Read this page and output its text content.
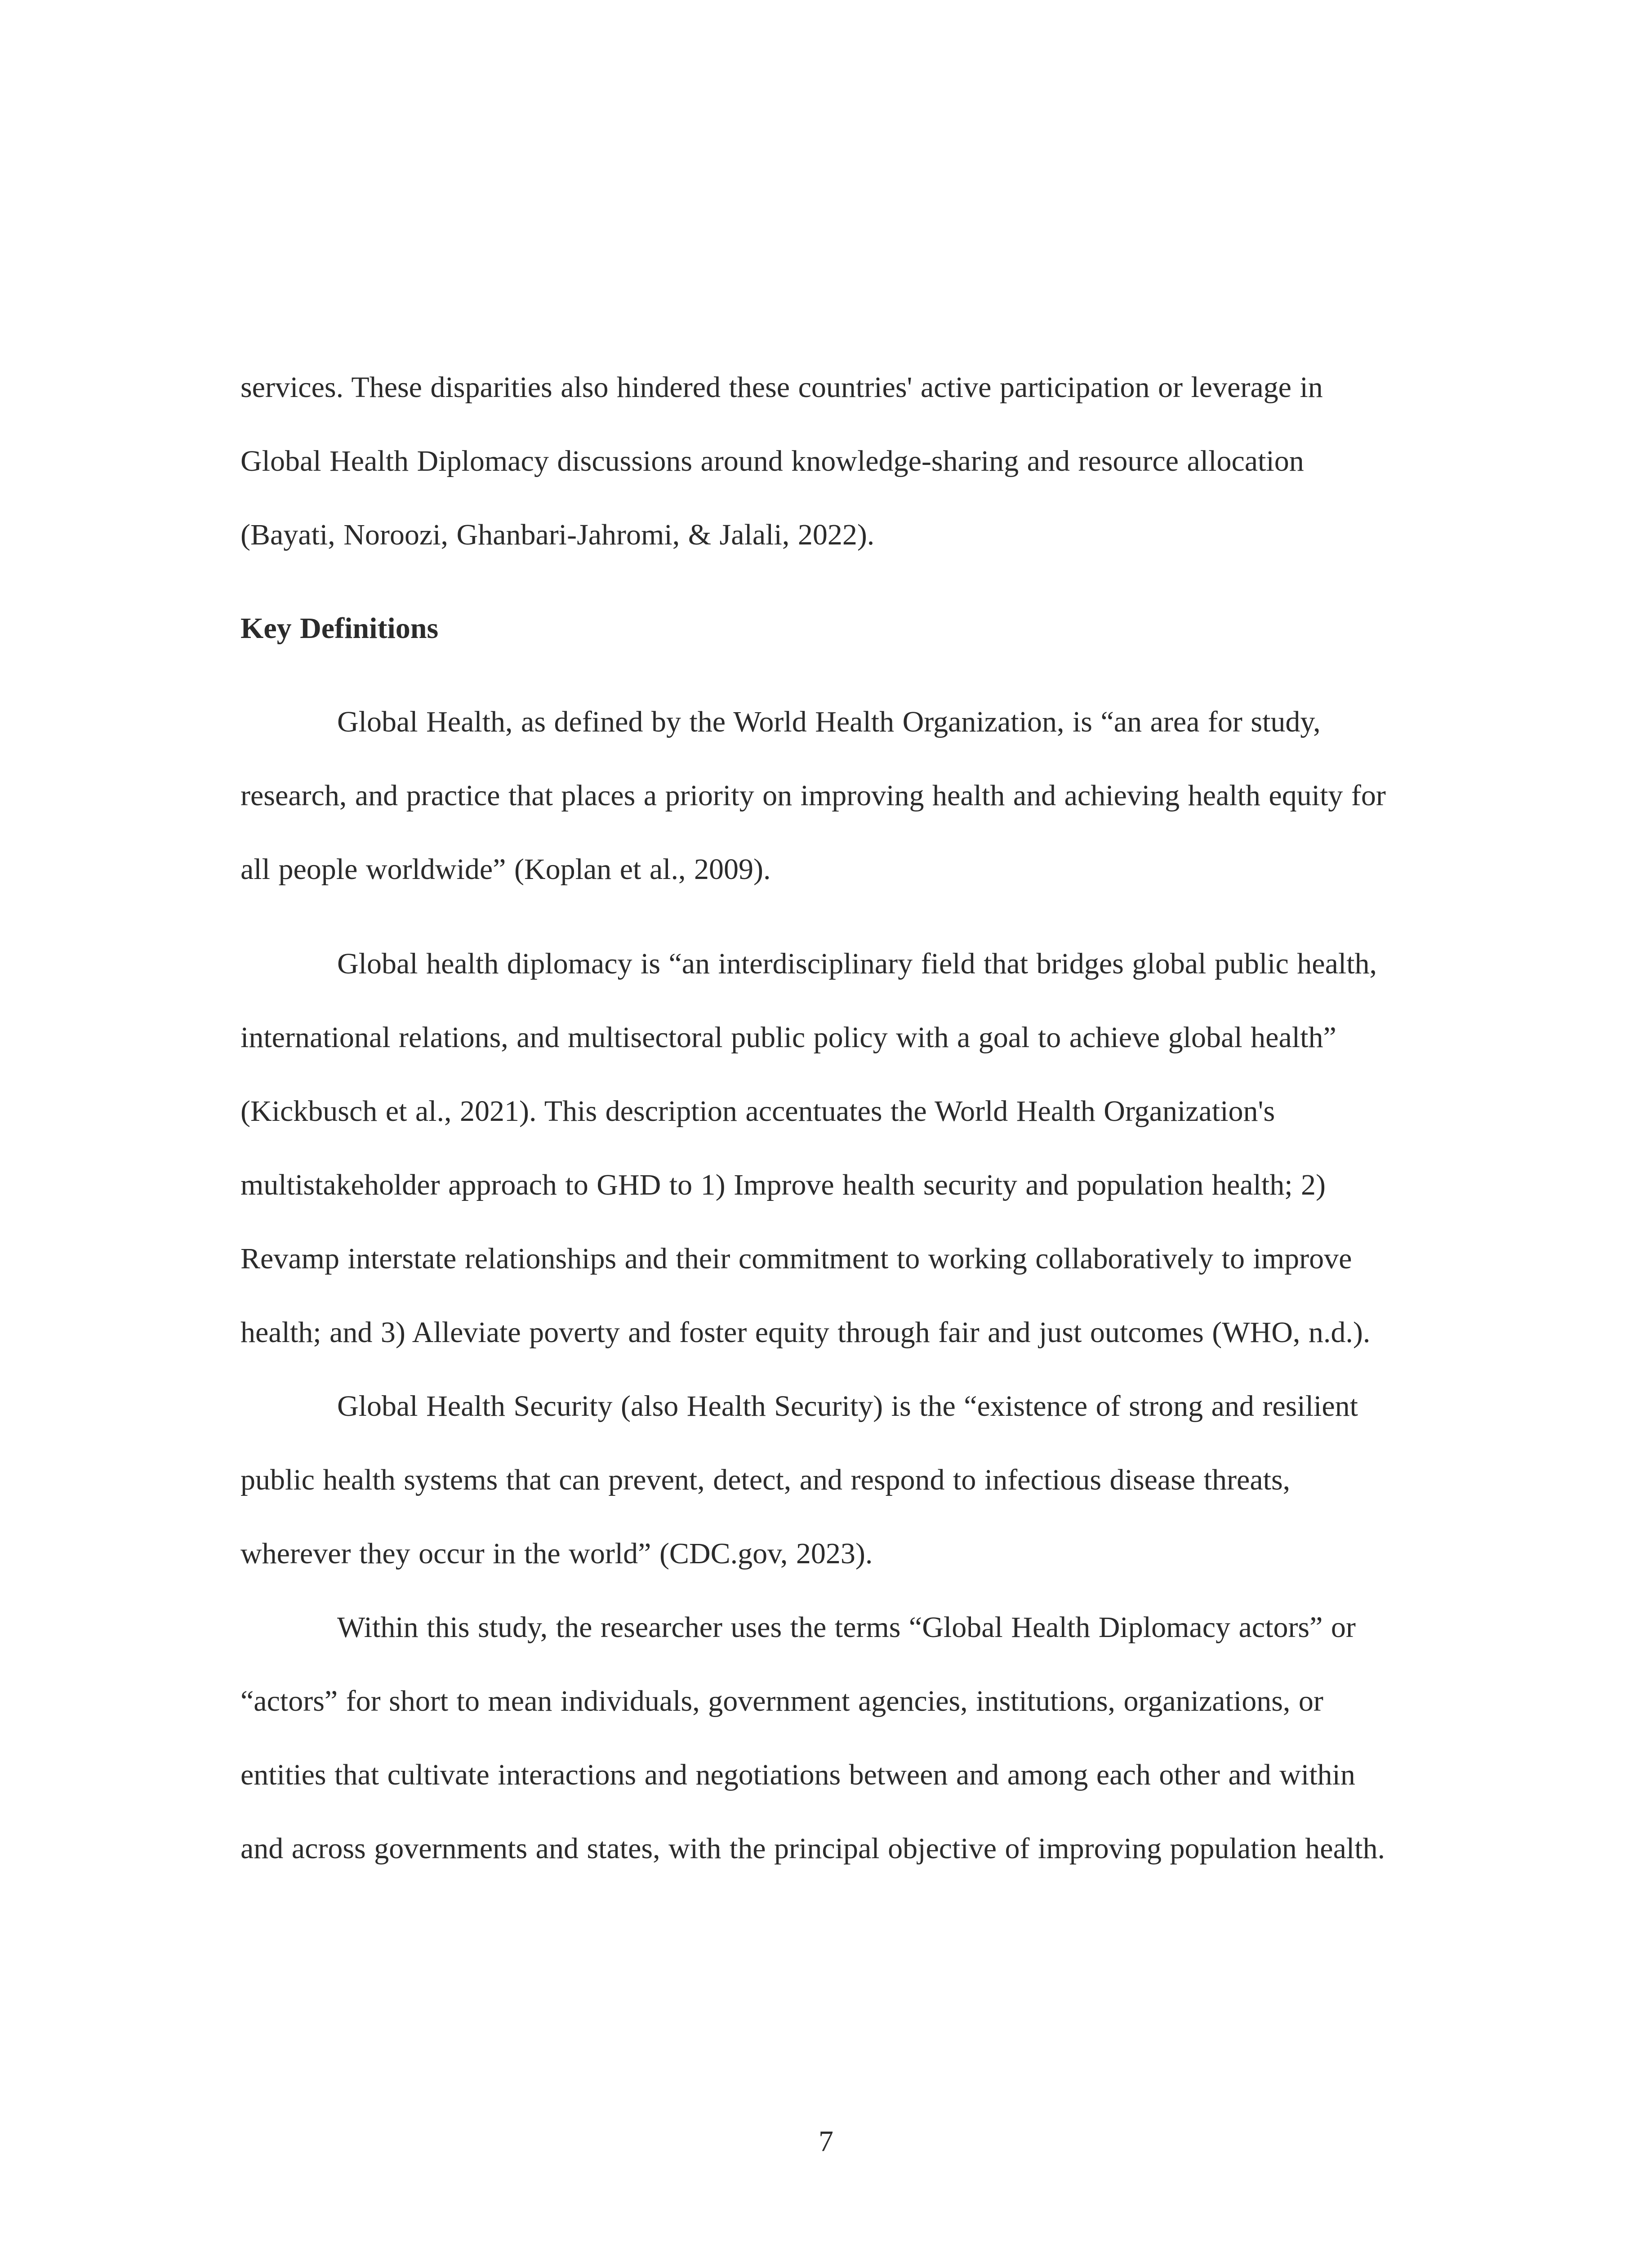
services. These disparities also hindered these countries' active participation or leverage in Global Health Diplomacy discussions around knowledge-sharing and resource allocation (Bayati, Noroozi, Ghanbari-Jahromi, & Jalali, 2022).

Key Definitions

Global Health, as defined by the World Health Organization, is “an area for study, research, and practice that places a priority on improving health and achieving health equity for all people worldwide” (Koplan et al., 2009).

Global health diplomacy is “an interdisciplinary field that bridges global public health, international relations, and multisectoral public policy with a goal to achieve global health” (Kickbusch et al., 2021). This description accentuates the World Health Organization's multistakeholder approach to GHD to 1) Improve health security and population health; 2) Revamp interstate relationships and their commitment to working collaboratively to improve health; and 3) Alleviate poverty and foster equity through fair and just outcomes (WHO, n.d.).

Global Health Security (also Health Security) is the “existence of strong and resilient public health systems that can prevent, detect, and respond to infectious disease threats, wherever they occur in the world” (CDC.gov, 2023).

Within this study, the researcher uses the terms “Global Health Diplomacy actors” or “actors” for short to mean individuals, government agencies, institutions, organizations, or entities that cultivate interactions and negotiations between and among each other and within and across governments and states, with the principal objective of improving population health.

7
